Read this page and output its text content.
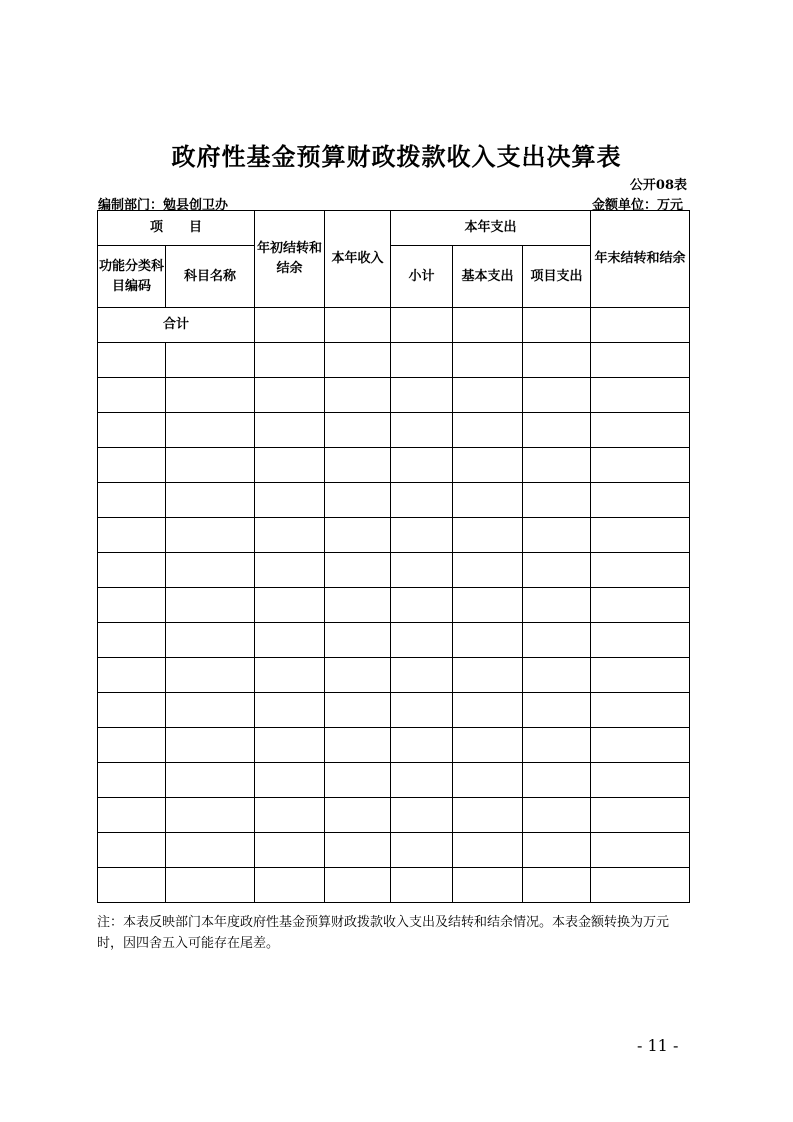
政府性基金预算财政拨款收入支出决算表
公开08表
编制部门：勉县创卫办	金额单位：万元
项　　目		年初结转和结余	本年收入	本年支出			年末结转和结余
功能分类科目编码	科目名称			小计	基本支出	项目支出	
合计							

注：本表反映部门本年度政府性基金预算财政拨款收入支出及结转和结余情况。本表金额转换为万元时，因四舍五入可能存在尾差。
- 11 -
